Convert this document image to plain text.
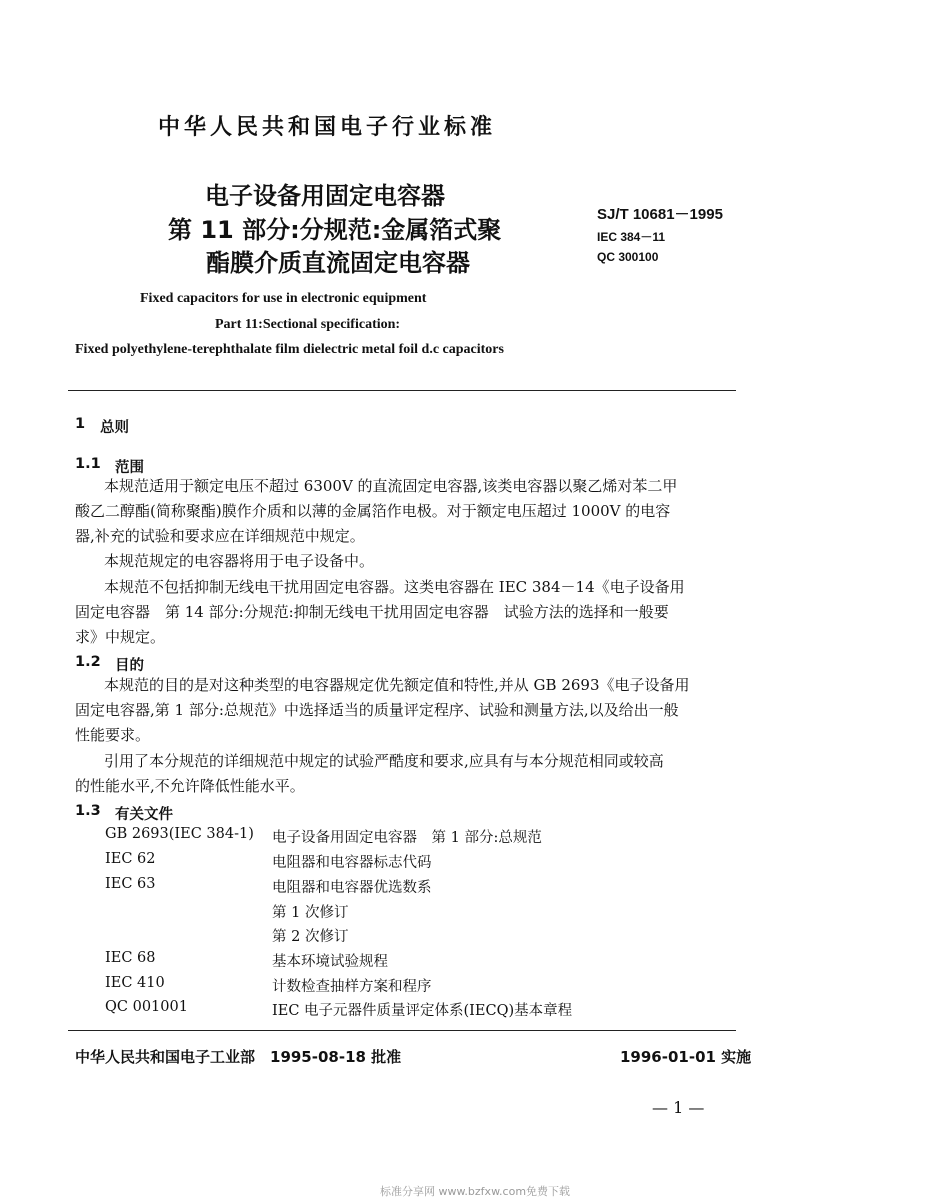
中华人民共和国电子行业标准
电子设备用固定电容器
第 11 部分:分规范:金属箔式聚
酯膜介质直流固定电容器
SJ/T 10681－1995
IEC 384－11
QC 300100
Fixed capacitors for use in electronic equipment
Part 11:Sectional specification:
Fixed polyethylene-terephthalate film dielectric metal foil d.c capacitors
1 总则
1.1 范围
本规范适用于额定电压不超过 6300V 的直流固定电容器,该类电容器以聚乙烯对苯二甲
酸乙二醇酯(简称聚酯)膜作介质和以薄的金属箔作电极。对于额定电压超过 1000V 的电容
器,补充的试验和要求应在详细规范中规定。
本规范规定的电容器将用于电子设备中。
本规范不包括抑制无线电干扰用固定电容器。这类电容器在 IEC 384－14《电子设备用
固定电容器　第 14 部分:分规范:抑制无线电干扰用固定电容器　试验方法的选择和一般要
求》中规定。
1.2 目的
本规范的目的是对这种类型的电容器规定优先额定值和特性,并从 GB 2693《电子设备用
固定电容器,第 1 部分:总规范》中选择适当的质量评定程序、试验和测量方法,以及给出一般
性能要求。
引用了本分规范的详细规范中规定的试验严酷度和要求,应具有与本分规范相同或较高
的性能水平,不允许降低性能水平。
1.3 有关文件
GB 2693(IEC 384-1) 电子设备用固定电容器　第 1 部分:总规范
IEC 62	电阻器和电容器标志代码
IEC 63	电阻器和电容器优选数系
第 1 次修订
第 2 次修订
IEC 68	基本环境试验规程
IEC 410	计数检查抽样方案和程序
QC 001001	IEC 电子元器件质量评定体系(IECQ)基本章程
中华人民共和国电子工业部　1995-08-18 批准	1996-01-01 实施
— 1 —
标准分享网 www.bzfxw.com免费下载
